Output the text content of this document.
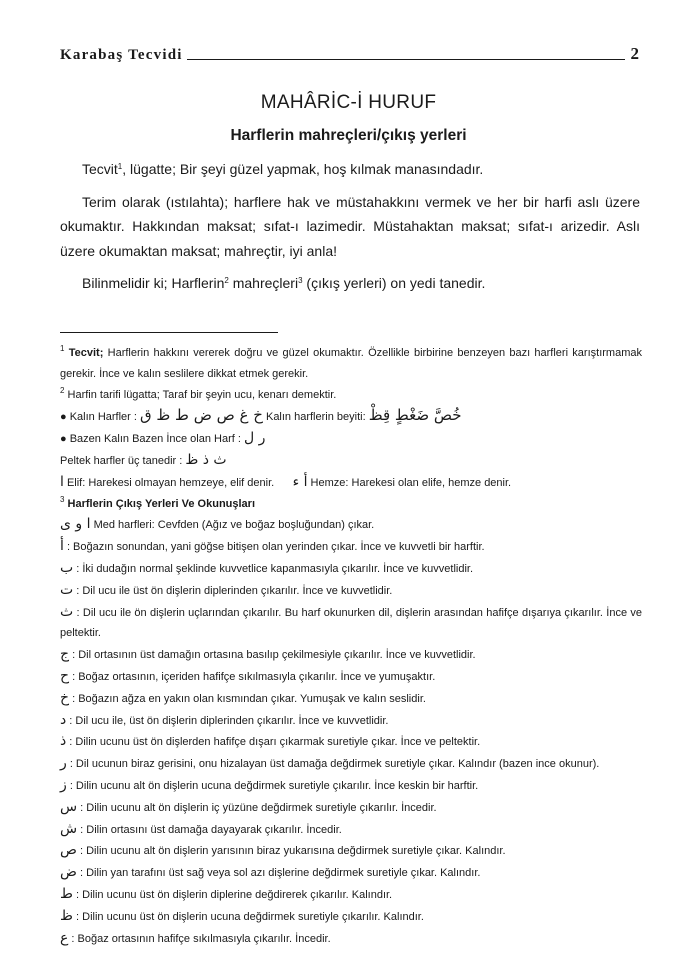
Karabaş Tecvidi	2
MAHÂRİC-İ HURUF
Harflerin mahreçleri/çıkış yerleri

Tecvit$^1$, lügatte; Bir şeyi güzel yapmak, hoş kılmak manasındadır.

Terim olarak (ıstılahta); harflere hak ve müstahakkını vermek ve her bir harfi aslı üzere okumaktır. Hakkından maksat; sıfat-ı lazimedir. Müstahaktan maksat; sıfat-ı arizedir. Aslı üzere okumaktan maksat; mahreçtir, iyi anla!

Bilinmelidir ki; Harflerin$^2$ mahreçleri$^3$ (çıkış yerleri) on yedi tanedir.

$^1$ Tecvit; Harflerin hakkını vererek doğru ve güzel okumaktır. Özellikle birbirine benzeyen bazı harfleri karıştırmamak gerekir. İnce ve kalın seslilere dikkat etmek gerekir.
$^2$ Harfin tarifi lügatta; Taraf bir şeyin ucu, kenarı demektir.
● Kalın Harfler : خ غ ص ض ط ظ ق Kalın harflerin beyiti: خُصَّ ضَغْطٍ قِظْ
● Bazen Kalın Bazen İnce olan Harf : ر ل
Peltek harfler üç tanedir : ث ذ ظ
ا Elif: Harekesi olmayan hemzeye, elif denir. أ ء Hemze: Harekesi olan elife, hemze denir.
$^3$ Harflerin Çıkış Yerleri Ve Okunuşları
ا و ى Med harfleri: Cevfden (Ağız ve boğaz boşluğundan) çıkar.
أ : Boğazın sonundan, yani göğse bitişen olan yerinden çıkar. İnce ve kuvvetli bir harftir.
ب : İki dudağın normal şeklinde kuvvetlice kapanmasıyla çıkarılır. İnce ve kuvvetlidir.
ت : Dil ucu ile üst ön dişlerin diplerinden çıkarılır. İnce ve kuvvetlidir.
ث : Dil ucu ile ön dişlerin uçlarından çıkarılır. Bu harf okunurken dil, dişlerin arasından hafifçe dışarıya çıkarılır. İnce ve peltektir.
ج : Dil ortasının üst damağın ortasına basılıp çekilmesiyle çıkarılır. İnce ve kuvvetlidir.
ح : Boğaz ortasının, içeriden hafifçe sıkılmasıyla çıkarılır. İnce ve yumuşaktır.
خ : Boğazın ağza en yakın olan kısmından çıkar. Yumuşak ve kalın seslidir.
د : Dil ucu ile, üst ön dişlerin diplerinden çıkarılır. İnce ve kuvvetlidir.
ذ : Dilin ucunu üst ön dişlerden hafifçe dışarı çıkarmak suretiyle çıkar. İnce ve peltektir.
ر : Dil ucunun biraz gerisini, onu hizalayan üst damağa değdirmek suretiyle çıkar. Kalındır (bazen ince okunur).
ز : Dilin ucunu alt ön dişlerin ucuna değdirmek suretiyle çıkarılır. İnce keskin bir harftir.
س : Dilin ucunu alt ön dişlerin iç yüzüne değdirmek suretiyle çıkarılır. İncedir.
ش : Dilin ortasını üst damağa dayayarak çıkarılır. İncedir.
ص : Dilin ucunu alt ön dişlerin yarısının biraz yukarısına değdirmek suretiyle çıkar. Kalındır.
ض : Dilin yan tarafını üst sağ veya sol azı dişlerine değdirmek suretiyle çıkar. Kalındır.
ط : Dilin ucunu üst ön dişlerin diplerine değdirerek çıkarılır. Kalındır.
ظ : Dilin ucunu üst ön dişlerin ucuna değdirmek suretiyle çıkarılır. Kalındır.
ع : Boğaz ortasının hafifçe sıkılmasıyla çıkarılır. İncedir.
